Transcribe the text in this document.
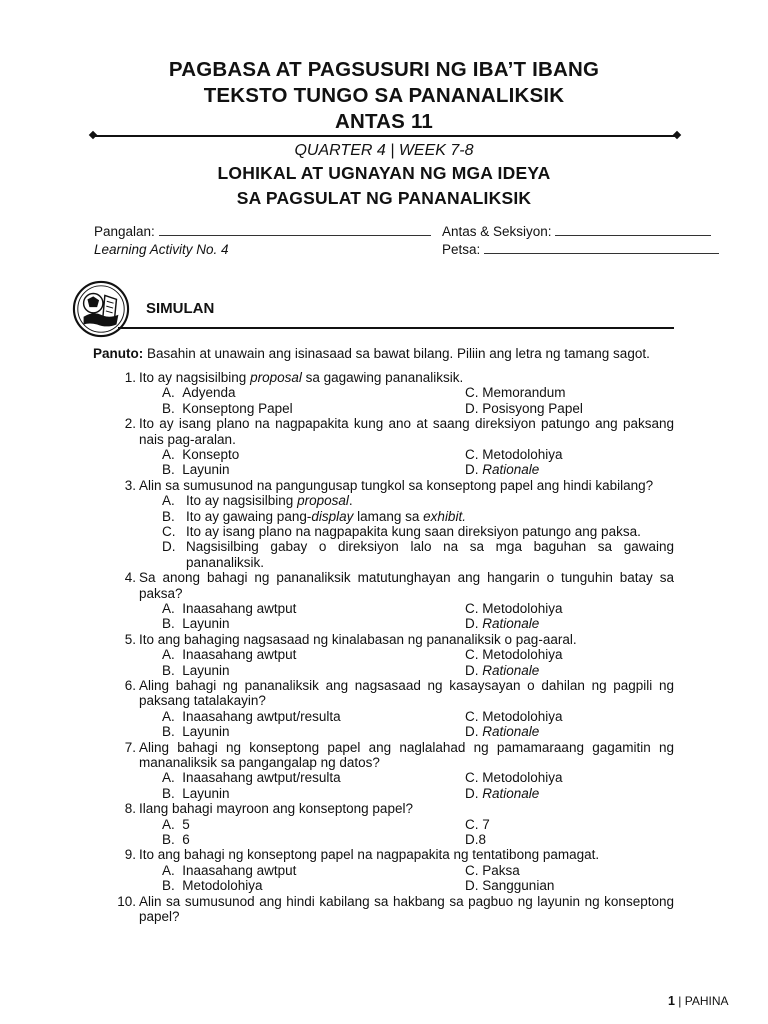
PAGBASA AT PAGSUSURI NG IBA’T IBANG
TEKSTO TUNGO SA PANANALIKSIK
ANTAS 11
QUARTER 4 | WEEK 7-8
LOHIKAL AT UGNAYAN NG MGA IDEYA
SA PAGSULAT NG PANANALIKSIK
Pangalan:	Antas & Seksiyon:
Learning Activity No. 4	Petsa:
SIMULAN
Panuto: Basahin at unawain ang isinasaad sa bawat bilang. Piliin ang letra ng tamang sagot.
1. Ito ay nagsisilbing proposal sa gagawing pananaliksik.
A.  Adyenda	C. Memorandum
B.  Konseptong Papel	D. Posisyong Papel
2. Ito ay isang plano na nagpapakita kung ano at saang direksiyon patungo ang paksang nais pag-aralan.
A.  Konsepto	C. Metodolohiya
B.  Layunin	D. Rationale
3. Alin sa sumusunod na pangungusap tungkol sa konseptong papel ang hindi kabilang?
A. Ito ay nagsisilbing proposal.
B. Ito ay gawaing pang-display lamang sa exhibit.
C. Ito ay isang plano na nagpapakita kung saan direksiyon patungo ang paksa.
D. Nagsisilbing gabay o direksiyon lalo na sa mga baguhan sa gawaing pananaliksik.
4. Sa anong bahagi ng pananaliksik matutunghayan ang hangarin o tunguhin batay sa paksa?
A.  Inaasahang awtput	C. Metodolohiya
B.  Layunin	D. Rationale
5. Ito ang bahaging nagsasaad ng kinalabasan ng pananaliksik o pag-aaral.
A.  Inaasahang awtput	C. Metodolohiya
B.  Layunin	D. Rationale
6. Aling bahagi ng pananaliksik ang nagsasaad ng kasaysayan o dahilan ng pagpili ng paksang tatalakayin?
A.  Inaasahang awtput/resulta	C. Metodolohiya
B.  Layunin	D. Rationale
7. Aling bahagi ng konseptong papel ang naglalahad ng pamamaraang gagamitin ng mananaliksik sa pangangalap ng datos?
A.  Inaasahang awtput/resulta	C. Metodolohiya
B.  Layunin	D. Rationale
8. Ilang bahagi mayroon ang konseptong papel?
A.  5	C. 7
B.  6	D.8
9. Ito ang bahagi ng konseptong papel na nagpapakita ng tentatibong pamagat.
A.  Inaasahang awtput	C. Paksa
B.  Metodolohiya	D. Sanggunian
10. Alin sa sumusunod ang hindi kabilang sa hakbang sa pagbuo ng layunin ng konseptong papel?
1 | PAHINA
